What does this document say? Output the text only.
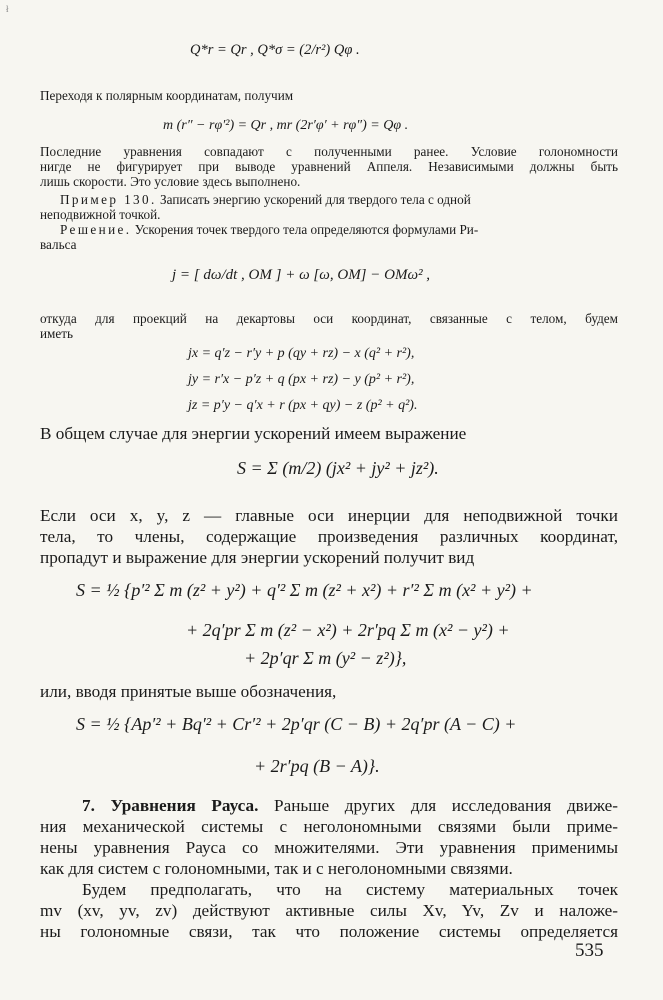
ł
Q*r = Qr , Q*σ = (2/r²) Qφ .
Переходя к полярным координатам, получим
m (r″ − rφ′²) = Qr , mr (2r′φ′ + rφ″) = Qφ .
Последние уравнения совпадают с полученными ранее. Условие голономности
нигде не фигурирует при выводе уравнений Аппеля. Независимыми должны быть
лишь скорости. Это условие здесь выполнено.
Пример 130. Записать энергию ускорений для твердого тела с одной
неподвижной точкой.
Решение. Ускорения точек твердого тела определяются формулами Ри-
вальса
j = [ dω/dt , OM ] + ω [ω, OM] − OMω² ,
откуда для проекций на декартовы оси координат, связанные с телом, будем
иметь
jx = q′z − r′y + p (qy + rz) − x (q² + r²),
jy = r′x − p′z + q (px + rz) − y (p² + r²),
jz = p′y − q′x + r (px + qy) − z (p² + q²).
В общем случае для энергии ускорений имеем выражение
S = Σ (m/2) (jx² + jy² + jz²).
Если оси x, y, z — главные оси инерции для неподвижной точки
тела, то члены, содержащие произведения различных координат,
пропадут и выражение для энергии ускорений получит вид
S = ½ {p′² Σ m (z² + y²) + q′² Σ m (z² + x²) + r′² Σ m (x² + y²) +
+ 2q′pr Σ m (z² − x²) + 2r′pq Σ m (x² − y²) +
+ 2p′qr Σ m (y² − z²)},
или, вводя принятые выше обозначения,
S = ½ {Ap′² + Bq′² + Cr′² + 2p′qr (C − B) + 2q′pr (A − C) +
+ 2r′pq (B − A)}.
7. Уравнения Рауса. Раньше других для исследования движе-
ния механической системы с неголономными связями были приме-
нены уравнения Рауса со множителями. Эти уравнения применимы
как для систем с голономными, так и с неголономными связями.
Будем предполагать, что на систему материальных точек
mv (xv, yv, zv) действуют активные силы Xv, Yv, Zv и наложе-
ны голономные связи, так что положение системы определяется
535
